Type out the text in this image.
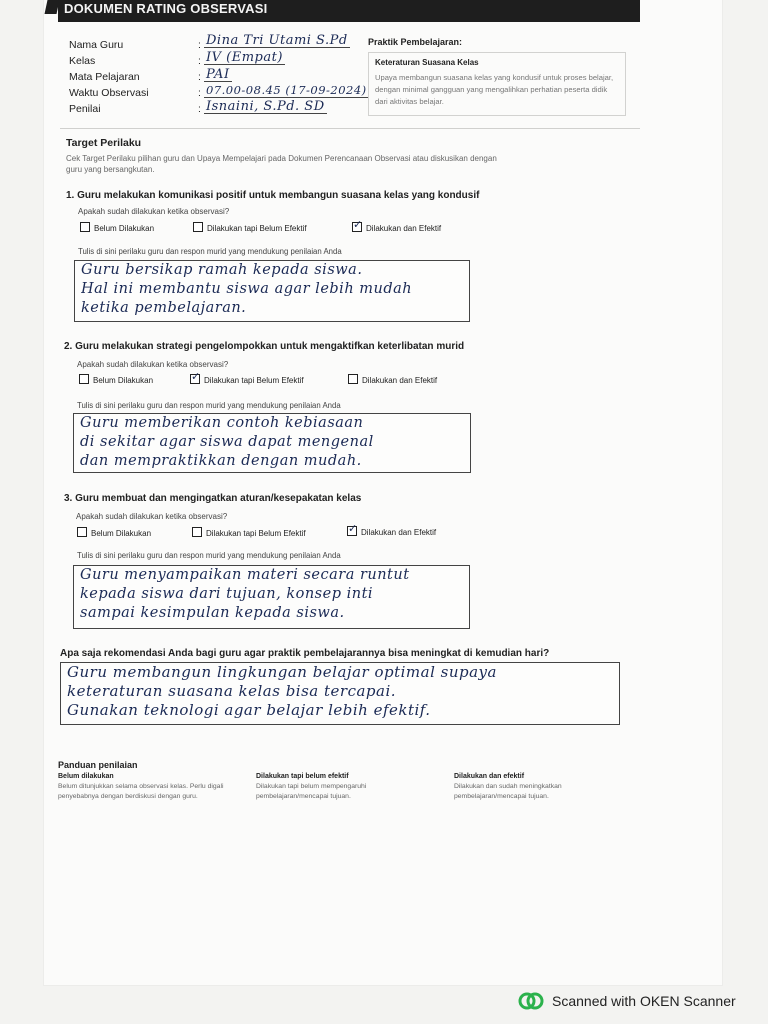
DOKUMEN RATING OBSERVASI
Nama Guru	: Dina Tri Utami S.Pd
Kelas	: IV (Empat)
Mata Pelajaran	: PAI
Waktu Observasi	: 07.00-08.45 (17-09-2024)
Penilai	: Isnaini, S.Pd. SD
Praktik Pembelajaran:
Keteraturan Suasana Kelas
Upaya membangun suasana kelas yang kondusif untuk proses belajar, dengan minimal gangguan yang mengalihkan perhatian peserta didik dari aktivitas belajar.
Target Perilaku
Cek Target Perilaku pilihan guru dan Upaya Mempelajari pada Dokumen Perencanaan Observasi atau diskusikan dengan guru yang bersangkutan.
1. Guru melakukan komunikasi positif untuk membangun suasana kelas yang kondusif
Apakah sudah dilakukan ketika observasi?
Belum Dilakukan	Dilakukan tapi Belum Efektif ✓	Dilakukan dan Efektif
Tulis di sini perilaku guru dan respon murid yang mendukung penilaian Anda
Guru bersikap ramah kepada siswa.
Hal ini membantu siswa agar lebih mudah
ketika pembelajaran.
2. Guru melakukan strategi pengelompokkan untuk mengaktifkan keterlibatan murid
Apakah sudah dilakukan ketika observasi?
Belum Dilakukan ✓	Dilakukan tapi Belum Efektif	Dilakukan dan Efektif
Tulis di sini perilaku guru dan respon murid yang mendukung penilaian Anda
Guru memberikan contoh kebiasaan
di sekitar agar siswa dapat mengenal
dan mempraktikkan dengan mudah.
3. Guru membuat dan mengingatkan aturan/kesepakatan kelas
Apakah sudah dilakukan ketika observasi?
Belum Dilakukan	Dilakukan tapi Belum Efektif ✓	Dilakukan dan Efektif
Tulis di sini perilaku guru dan respon murid yang mendukung penilaian Anda
Guru menyampaikan materi secara runtut
kepada siswa dari tujuan, konsep inti
sampai kesimpulan kepada siswa.
Apa saja rekomendasi Anda bagi guru agar praktik pembelajarannya bisa meningkat di kemudian hari?
Guru membangun lingkungan belajar optimal supaya
keteraturan suasana kelas bisa tercapai.
Gunakan teknologi agar belajar lebih efektif.
Panduan penilaian
Belum dilakukan
Belum ditunjukkan selama observasi kelas. Perlu digali penyebabnya dengan berdiskusi dengan guru.
Dilakukan tapi belum efektif
Dilakukan tapi belum mempengaruhi pembelajaran/mencapai tujuan.
Dilakukan dan efektif
Dilakukan dan sudah meningkatkan pembelajaran/mencapai tujuan.
Scanned with OKEN Scanner
